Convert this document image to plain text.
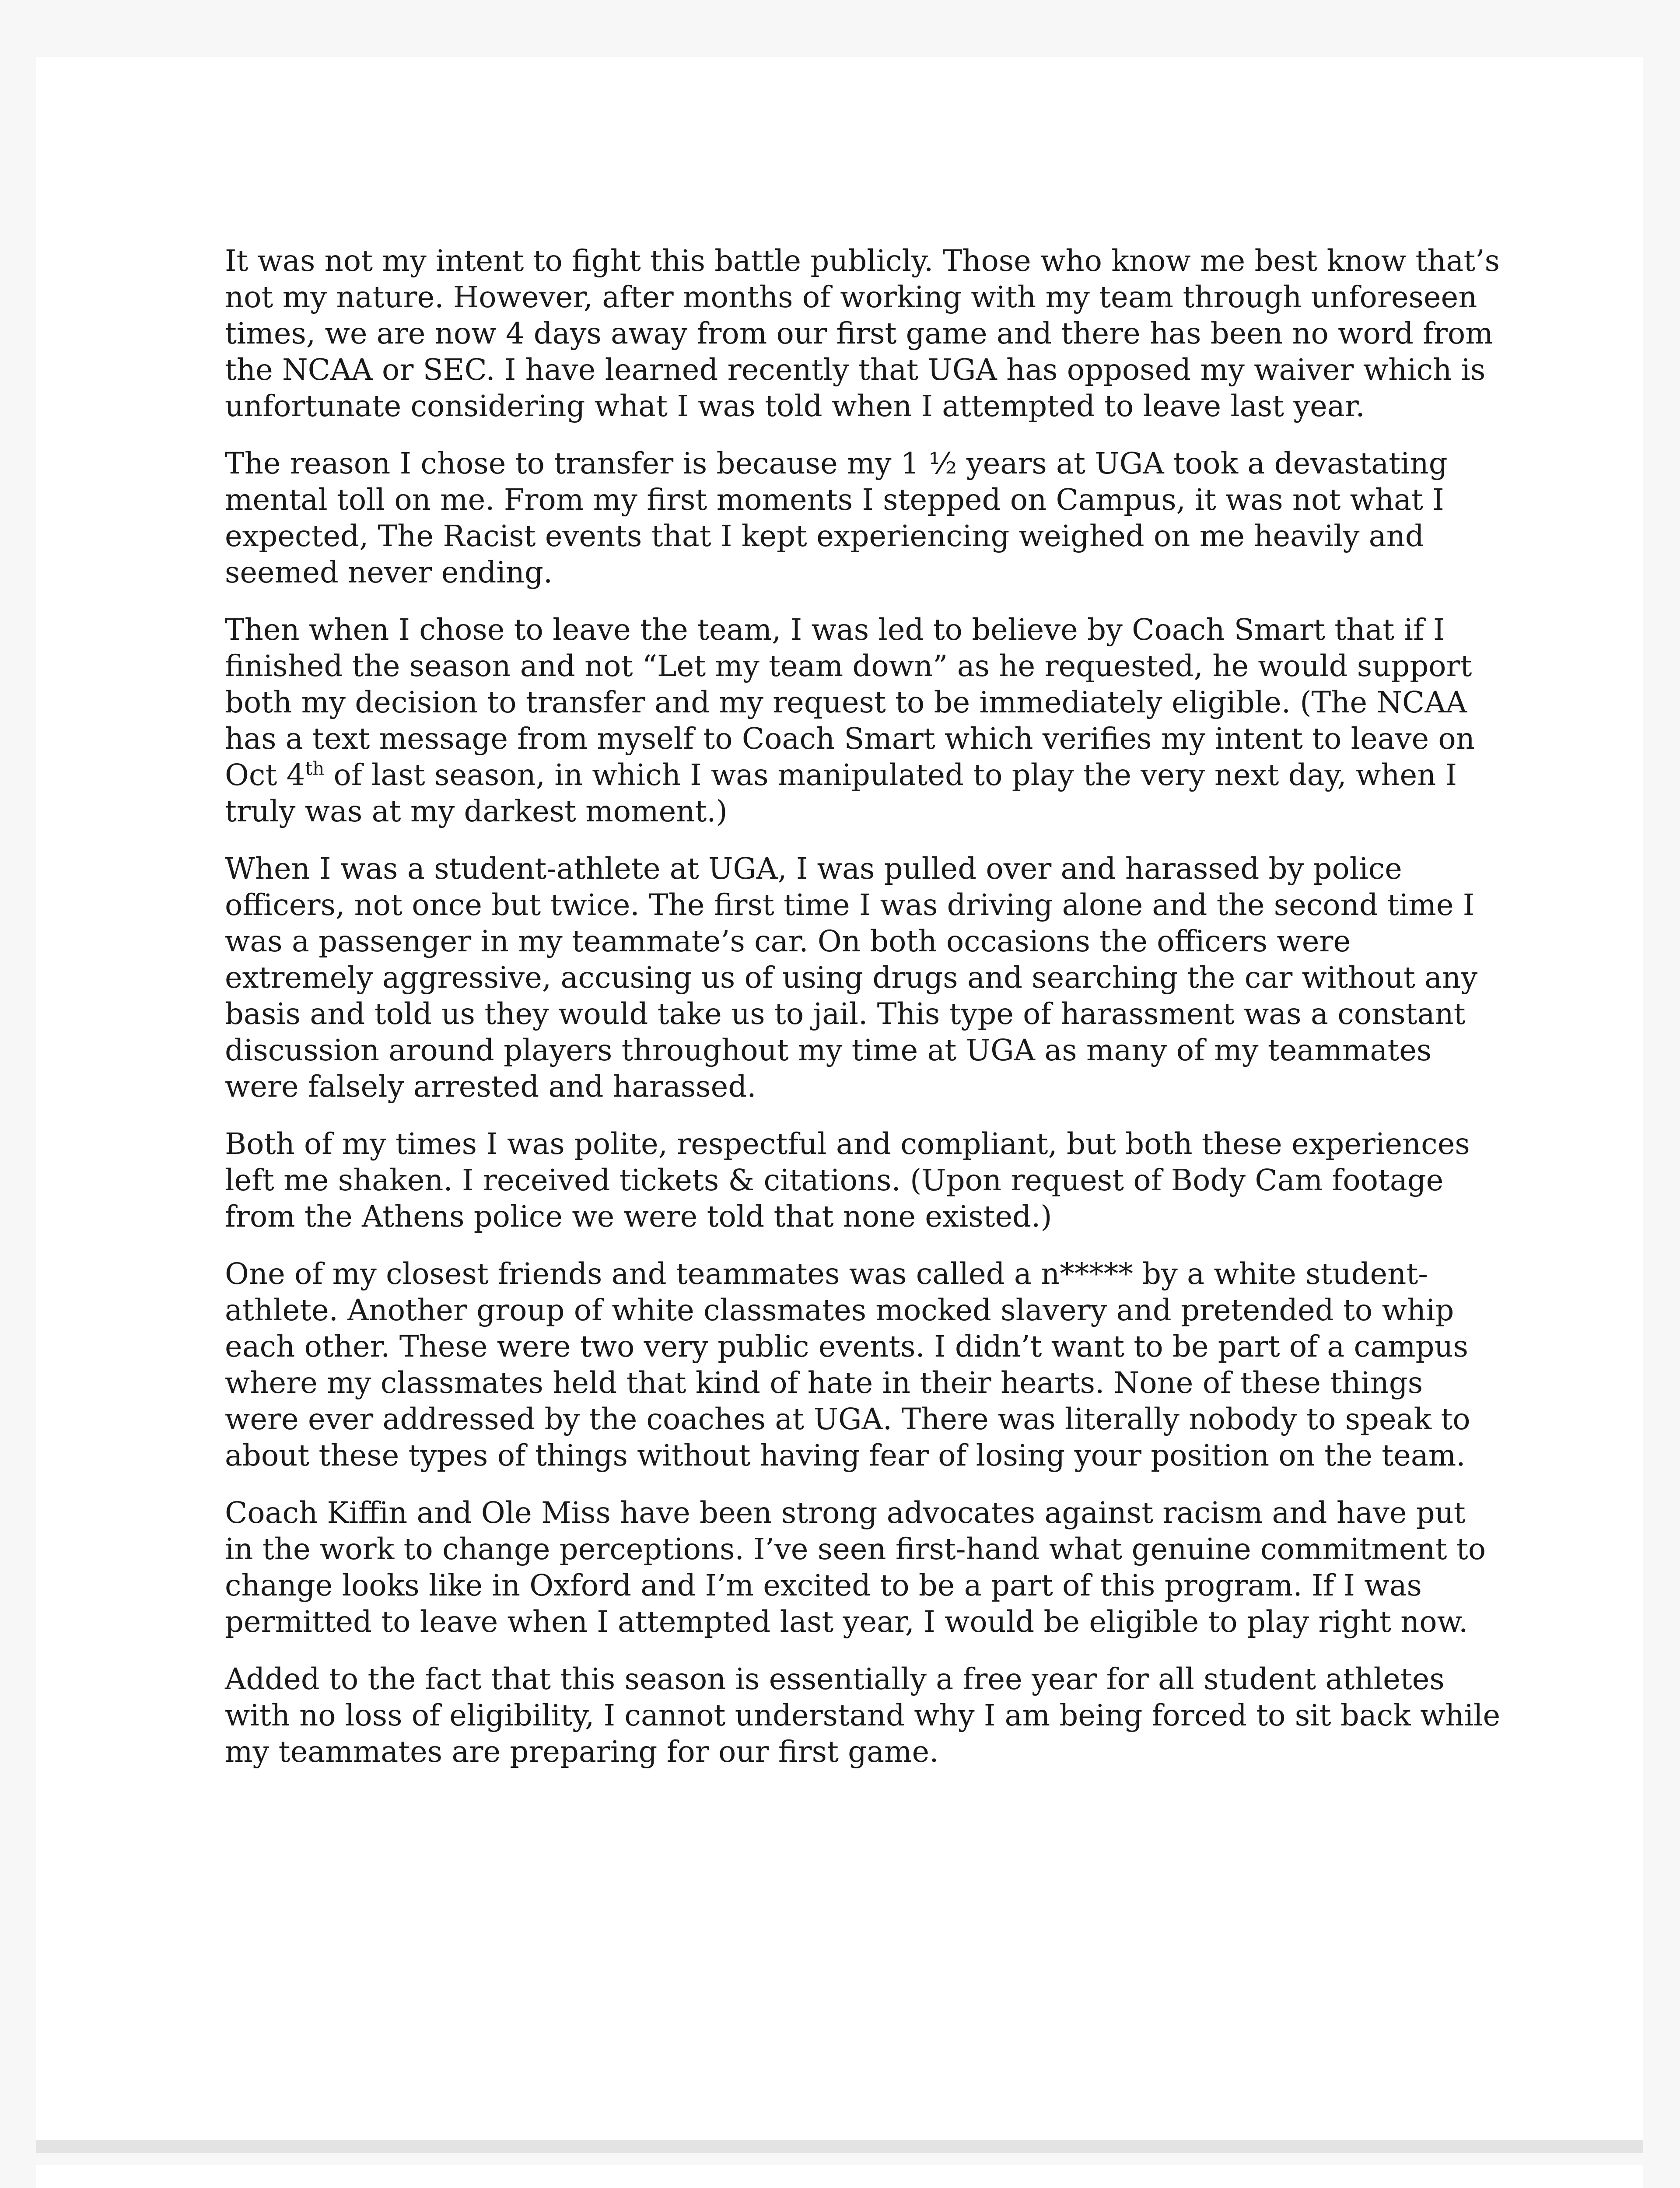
It was not my intent to fight this battle publicly. Those who know me best know that’s not my nature. However, after months of working with my team through unforeseen times, we are now 4 days away from our first game and there has been no word from the NCAA or SEC. I have learned recently that UGA has opposed my waiver which is unfortunate considering what I was told when I attempted to leave last year.

The reason I chose to transfer is because my 1 ½ years at UGA took a devastating mental toll on me. From my first moments I stepped on Campus, it was not what I expected, The Racist events that I kept experiencing weighed on me heavily and seemed never ending.

Then when I chose to leave the team, I was led to believe by Coach Smart that if I finished the season and not “Let my team down” as he requested, he would support both my decision to transfer and my request to be immediately eligible. (The NCAA has a text message from myself to Coach Smart which verifies my intent to leave on Oct 4th of last season, in which I was manipulated to play the very next day, when I truly was at my darkest moment.)

When I was a student-athlete at UGA, I was pulled over and harassed by police officers, not once but twice. The first time I was driving alone and the second time I was a passenger in my teammate’s car. On both occasions the officers were extremely aggressive, accusing us of using drugs and searching the car without any basis and told us they would take us to jail. This type of harassment was a constant discussion around players throughout my time at UGA as many of my teammates were falsely arrested and harassed.

Both of my times I was polite, respectful and compliant, but both these experiences left me shaken. I received tickets & citations. (Upon request of Body Cam footage from the Athens police we were told that none existed.)

One of my closest friends and teammates was called a n***** by a white student-athlete. Another group of white classmates mocked slavery and pretended to whip each other. These were two very public events. I didn’t want to be part of a campus where my classmates held that kind of hate in their hearts. None of these things were ever addressed by the coaches at UGA. There was literally nobody to speak to about these types of things without having fear of losing your position on the team.

Coach Kiffin and Ole Miss have been strong advocates against racism and have put in the work to change perceptions. I’ve seen first-hand what genuine commitment to change looks like in Oxford and I’m excited to be a part of this program. If I was permitted to leave when I attempted last year, I would be eligible to play right now.

Added to the fact that this season is essentially a free year for all student athletes with no loss of eligibility, I cannot understand why I am being forced to sit back while my teammates are preparing for our first game.
